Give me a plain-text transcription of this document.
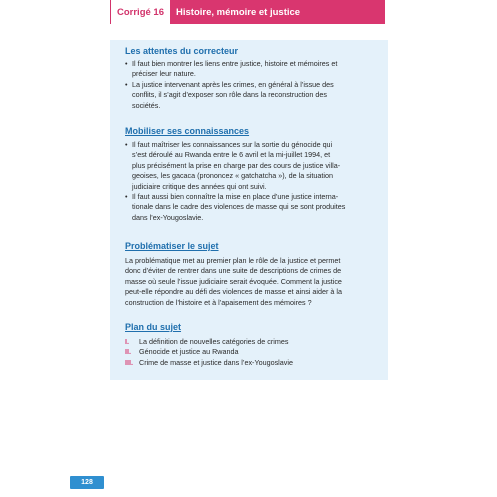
Corrigé 16	Histoire, mémoire et justice
Les attentes du correcteur
• Il faut bien montrer les liens entre justice, histoire et mémoires et
préciser leur nature.
• La justice intervenant après les crimes, en général à l’issue des
conflits, il s’agit d’exposer son rôle dans la reconstruction des
sociétés.
Mobiliser ses connaissances
• Il faut maîtriser les connaissances sur la sortie du génocide qui
s’est déroulé au Rwanda entre le 6 avril et la mi-juillet 1994, et
plus précisément la prise en charge par des cours de justice villa-
geoises, les gacaca (prononcez « gatchatcha »), de la situation
judiciaire critique des années qui ont suivi.
• Il faut aussi bien connaître la mise en place d’une justice interna-
tionale dans le cadre des violences de masse qui se sont produites
dans l’ex-Yougoslavie.
Problématiser le sujet
La problématique met au premier plan le rôle de la justice et permet
donc d’éviter de rentrer dans une suite de descriptions de crimes de
masse où seule l’issue judiciaire serait évoquée. Comment la justice
peut-elle répondre au défi des violences de masse et ainsi aider à la
construction de l’histoire et à l’apaisement des mémoires ?
Plan du sujet
I.	La définition de nouvelles catégories de crimes
II.	Génocide et justice au Rwanda
III. Crime de masse et justice dans l’ex-Yougoslavie
128
